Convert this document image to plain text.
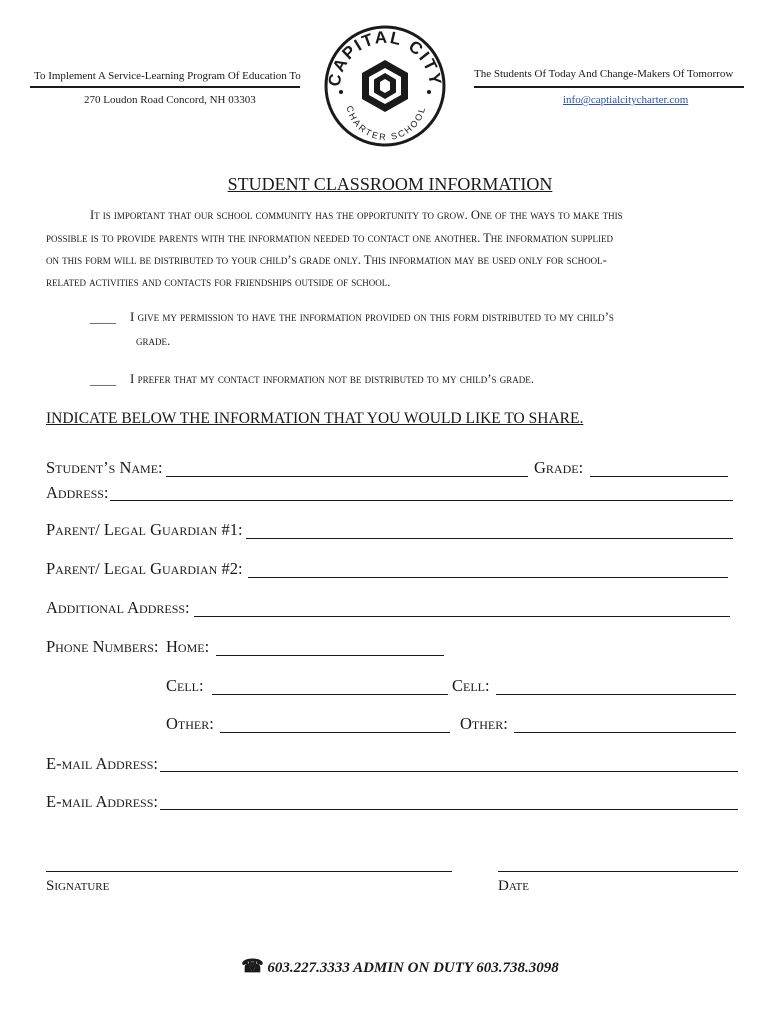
To Implement A Service-Learning Program Of Education To
270 Loudon Road Concord, NH 03303
The Students Of Today And Change-Makers Of Tomorrow
info@captialcitycharter.com
CAPITAL CITY
CHARTER SCHOOL
STUDENT CLASSROOM INFORMATION
It is important that our school community has the opportunity to grow. One of the ways to make this
possible is to provide parents with the information needed to contact one another. The information supplied
on this form will be distributed to your child’s grade only. This information may be used only for school-
related activities and contacts for friendships outside of school.
____ I give my permission to have the information provided on this form distributed to my child’s
grade.
____ I prefer that my contact information not be distributed to my child’s grade.
INDICATE BELOW THE INFORMATION THAT YOU WOULD LIKE TO SHARE.
Student’s Name:	Grade:
Address:
Parent/ Legal Guardian #1:
Parent/ Legal Guardian #2:
Additional Address:
Phone Numbers: Home:
Cell:	Cell:
Other:	Other:
E-mail Address:
E-mail Address:
Signature	Date
☎ 603.227.3333 ADMIN ON DUTY 603.738.3098
